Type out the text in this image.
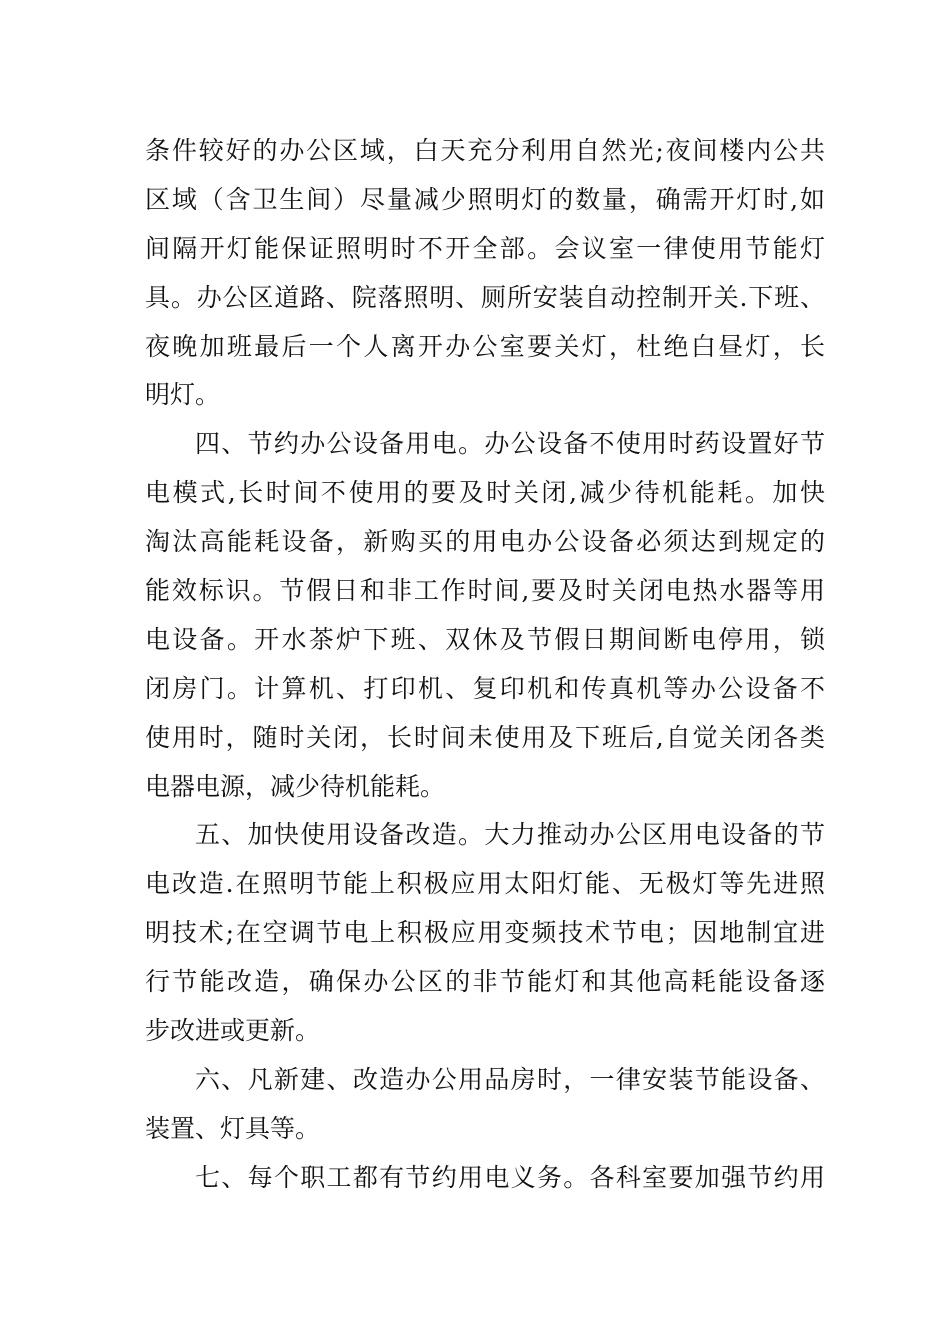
条件较好的办公区域，白天充分利用自然光;夜间楼内公共
区域（含卫生间）尽量减少照明灯的数量，确需开灯时,如
间隔开灯能保证照明时不开全部。会议室一律使用节能灯
具。办公区道路、院落照明、厕所安装自动控制开关.下班、
夜晚加班最后一个人离开办公室要关灯，杜绝白昼灯，长
明灯。
四、节约办公设备用电。办公设备不使用时药设置好节
电模式,长时间不使用的要及时关闭,减少待机能耗。加快
淘汰高能耗设备，新购买的用电办公设备必须达到规定的
能效标识。节假日和非工作时间,要及时关闭电热水器等用
电设备。开水茶炉下班、双休及节假日期间断电停用，锁
闭房门。计算机、打印机、复印机和传真机等办公设备不
使用时，随时关闭，长时间未使用及下班后,自觉关闭各类
电器电源，减少待机能耗。
五、加快使用设备改造。大力推动办公区用电设备的节
电改造.在照明节能上积极应用太阳灯能、无极灯等先进照
明技术;在空调节电上积极应用变频技术节电；因地制宜进
行节能改造，确保办公区的非节能灯和其他高耗能设备逐
步改进或更新。
六、凡新建、改造办公用品房时，一律安装节能设备、
装置、灯具等。
七、每个职工都有节约用电义务。各科室要加强节约用
